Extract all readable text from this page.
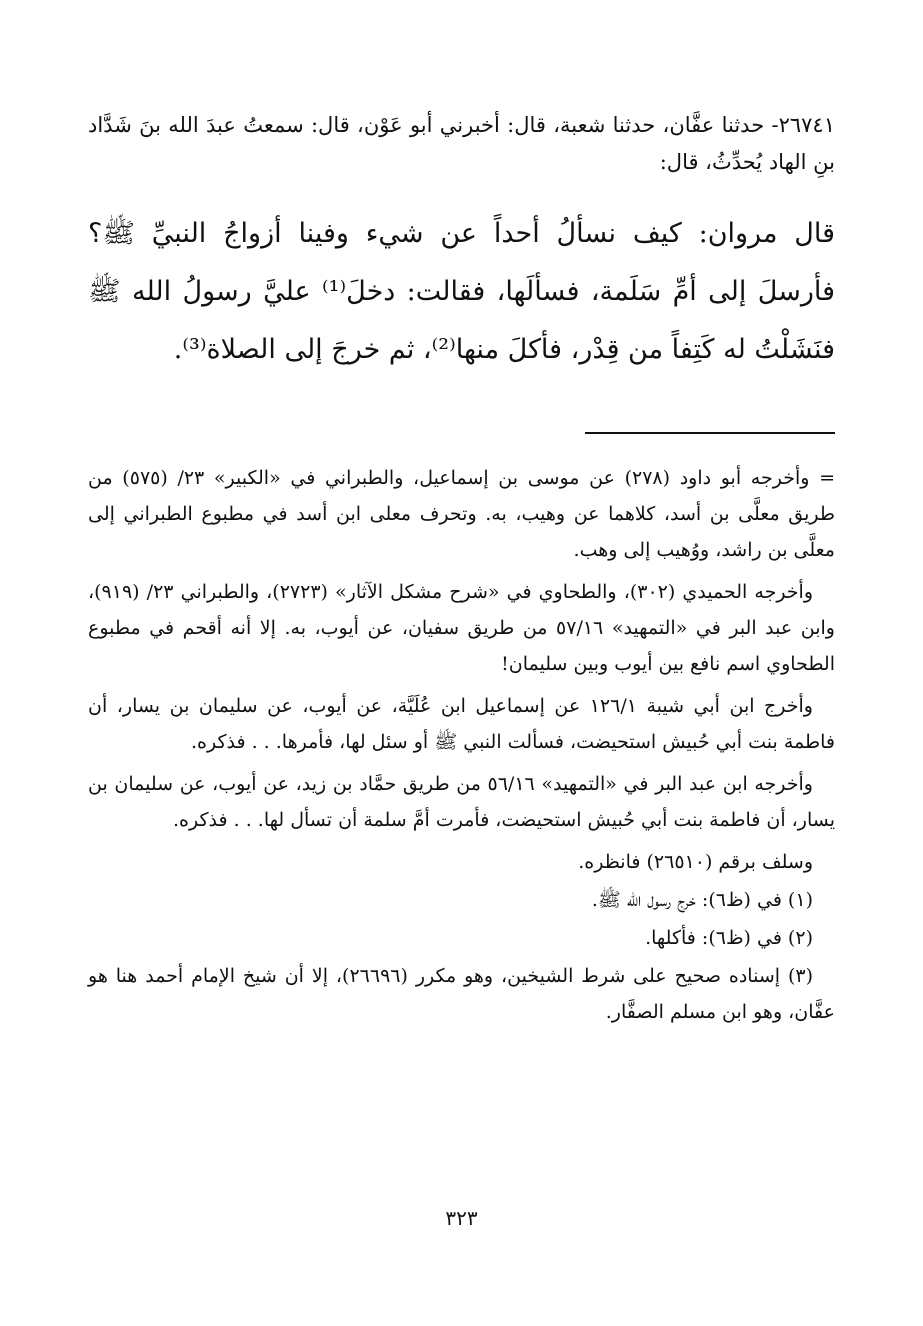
٢٦٧٤١- حدثنا عفَّان، حدثنا شعبة، قال: أخبرني أبو عَوْن، قال: سمعتُ عبدَ الله بنَ شَدَّاد بنِ الهاد يُحدِّثُ، قال:

قال مروان: كيف نسألُ أحداً عن شيء وفينا أزواجُ النبيِّ ﷺ؟ فأرسلَ إلى أمِّ سَلَمة، فسألَها، فقالت: دخلَ⁽¹⁾ عليَّ رسولُ الله ﷺ فنَشَلْتُ له كَتِفاً من قِدْر، فأكلَ منها⁽²⁾، ثم خرجَ إلى الصلاة⁽³⁾.

= وأخرجه أبو داود (٢٧٨) عن موسى بن إسماعيل، والطبراني في «الكبير» ٢٣/ (٥٧٥) من طريق معلَّى بن أسد، كلاهما عن وهيب، به. وتحرف معلى ابن أسد في مطبوع الطبراني إلى معلَّى بن راشد، ووُهيب إلى وهب.

وأخرجه الحميدي (٣٠٢)، والطحاوي في «شرح مشكل الآثار» (٢٧٢٣)، والطبراني ٢٣/ (٩١٩)، وابن عبد البر في «التمهيد» ٥٧/١٦ من طريق سفيان، عن أيوب، به. إلا أنه أقحم في مطبوع الطحاوي اسم نافع بين أيوب وبين سليمان!

وأخرج ابن أبي شيبة ١٢٦/١ عن إسماعيل ابن عُلَيَّة، عن أيوب، عن سليمان بن يسار، أن فاطمة بنت أبي حُبيش استحيضت، فسألت النبي ﷺ أو سئل لها، فأمرها. . . فذكره.

وأخرجه ابن عبد البر في «التمهيد» ٥٦/١٦ من طريق حمَّاد بن زيد، عن أيوب، عن سليمان بن يسار، أن فاطمة بنت أبي حُبيش استحيضت، فأمرت أمَّ سلمة أن تسأل لها. . . فذكره.

وسلف برقم (٢٦٥١٠) فانظره.

(١) في (ظ٦): خرج رسول الله ﷺ.

(٢) في (ظ٦): فأكلها.

(٣) إسناده صحيح على شرط الشيخين، وهو مكرر (٢٦٦٩٦)، إلا أن شيخ الإمام أحمد هنا هو عفَّان، وهو ابن مسلم الصفَّار.

٣٢٣
